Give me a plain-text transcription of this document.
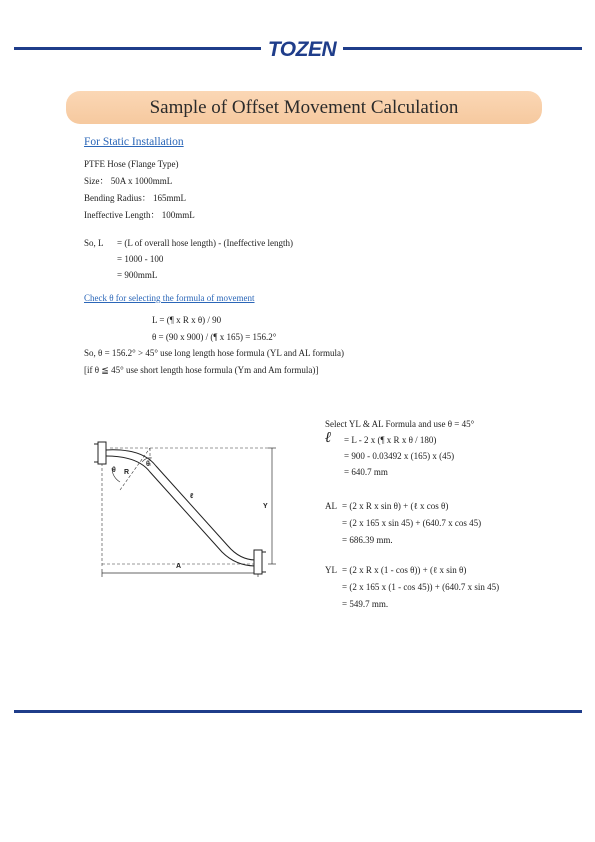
TOZEN
Sample of Offset Movement Calculation
For Static Installation
PTFE Hose (Flange Type)
Size： 50A x 1000mmL
Bending Radius： 165mmL
Ineffective Length： 100mmL
So, L = (L of overall hose length) - (Ineffective length)
= 1000 - 100
= 900mmL
Check θ for selecting the formula of movement
L = (¶ x R x θ) / 90
θ = (90 x 900) / (¶ x 165) = 156.2°
So, θ = 156.2° > 45° use long length hose formula (YL and AL formula)
[if θ ≦ 45° use short length hose formula (Ym and Am formula)]
θ R
θ
ℓ
Y
A
Select YL & AL Formula and use θ = 45°
ℓ = L - 2 x (¶ x R x θ / 180)
= 900 - 0.03492 x (165) x (45)
= 640.7 mm
AL = (2 x R x sin θ) + (ℓ x cos θ)
= (2 x 165 x sin 45) + (640.7 x cos 45)
= 686.39 mm.
YL = (2 x R x (1 - cos θ)) + (ℓ x sin θ)
= (2 x 165 x (1 - cos 45)) + (640.7 x sin 45)
= 549.7 mm.
